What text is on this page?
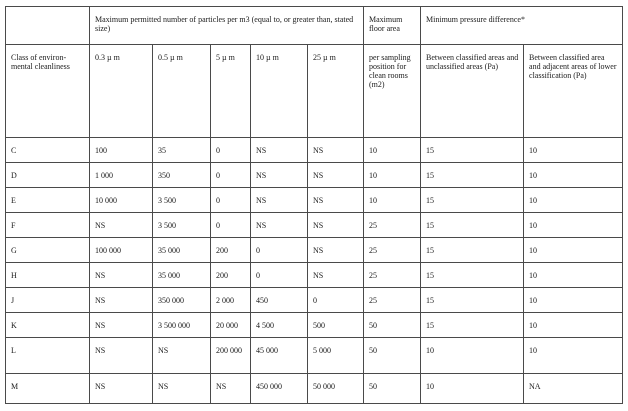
	Maximum permitted number of particles per m3 (equal to, or greater than, stated size)					Maximum floor area	Minimum pressure difference*	
Class of environ-mental cleanliness	0.3 µ m	0.5 µ m	5 µ m	10 µ m	25 µ m	per sampling position for clean rooms (m2)	Between classified areas and unclassified areas (Pa)	Between classified area and adjacent areas of lower classification (Pa)
C	100	35	0	NS	NS	10	15	10
D	1 000	350	0	NS	NS	10	15	10
E	10 000	3 500	0	NS	NS	10	15	10
F	NS	3 500	0	NS	NS	25	15	10
G	100 000	35 000	200	0	NS	25	15	10
H	NS	35 000	200	0	NS	25	15	10
J	NS	350 000	2 000	450	0	25	15	10
K	NS	3 500 000	20 000	4 500	500	50	15	10
L	NS	NS	200 000	45 000	5 000	50	10	10
M	NS	NS	NS	450 000	50 000	50	10	NA
